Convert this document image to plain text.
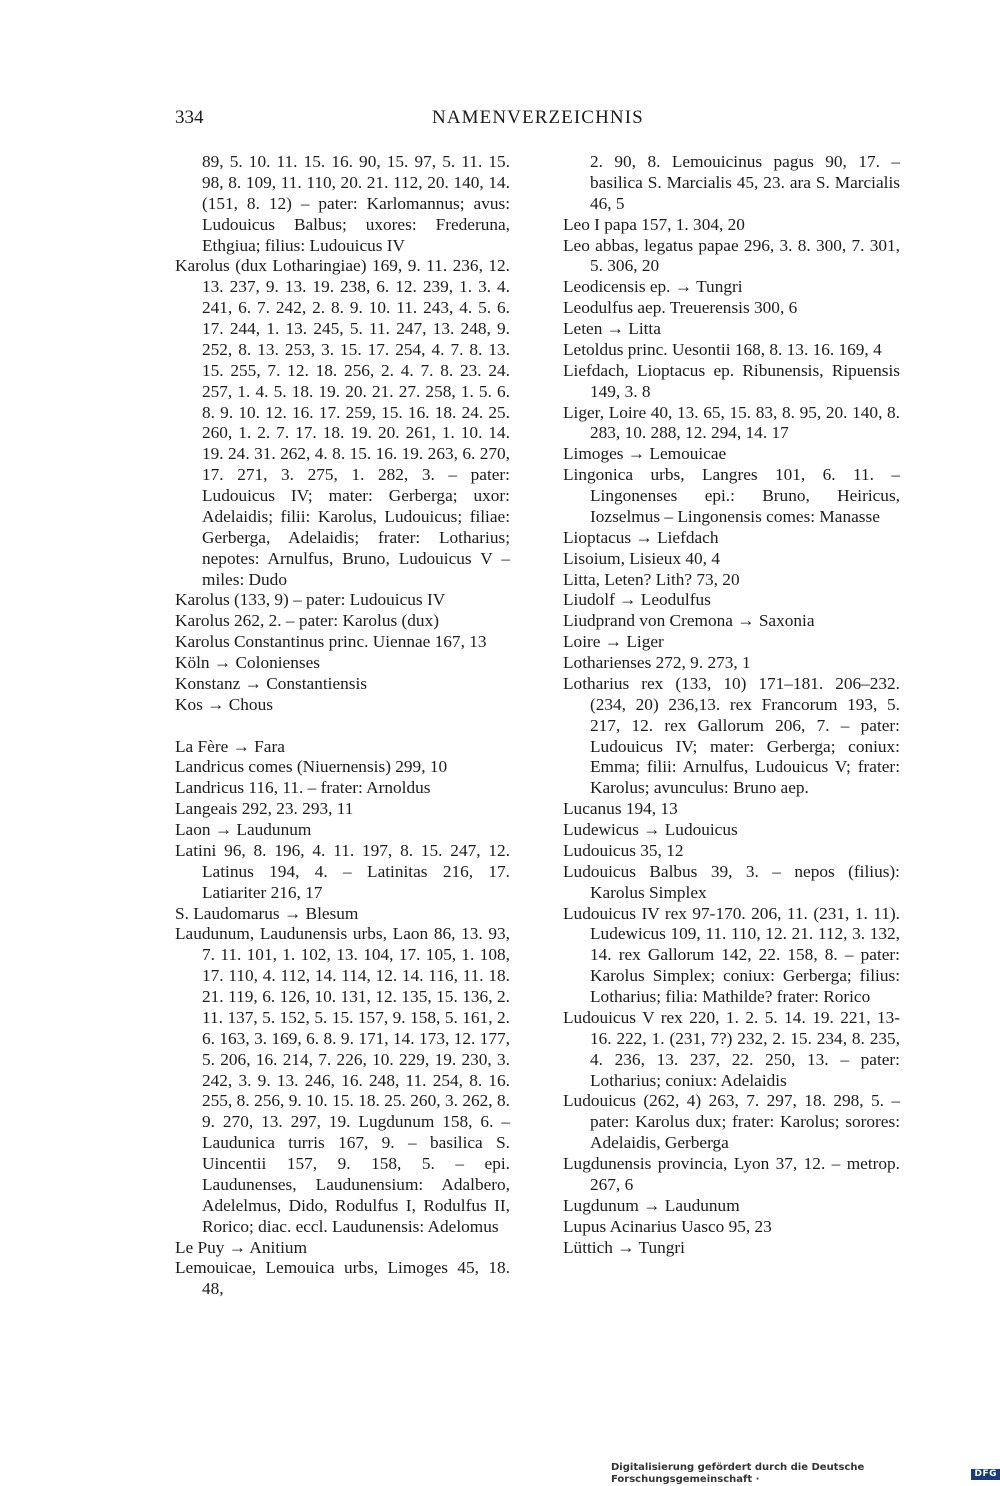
334	NAMENVERZEICHNIS
89, 5. 10. 11. 15. 16. 90, 15. 97, 5. 11. 15. 98, 8. 109, 11. 110, 20. 21. 112, 20. 140, 14. (151, 8. 12) – pater: Karlomannus; avus: Ludouicus Balbus; uxores: Frederuna, Ethgiua; filius: Ludouicus IV
Karolus (dux Lotharingiae) 169, 9. 11. 236, 12. 13. 237, 9. 13. 19. 238, 6. 12. 239, 1. 3. 4. 241, 6. 7. 242, 2. 8. 9. 10. 11. 243, 4. 5. 6. 17. 244, 1. 13. 245, 5. 11. 247, 13. 248, 9. 252, 8. 13. 253, 3. 15. 17. 254, 4. 7. 8. 13. 15. 255, 7. 12. 18. 256, 2. 4. 7. 8. 23. 24. 257, 1. 4. 5. 18. 19. 20. 21. 27. 258, 1. 5. 6. 8. 9. 10. 12. 16. 17. 259, 15. 16. 18. 24. 25. 260, 1. 2. 7. 17. 18. 19. 20. 261, 1. 10. 14. 19. 24. 31. 262, 4. 8. 15. 16. 19. 263, 6. 270, 17. 271, 3. 275, 1. 282, 3. – pater: Ludouicus IV; mater: Gerberga; uxor: Adelaidis; filii: Karolus, Ludouicus; filiae: Gerberga, Adelaidis; frater: Lotharius; nepotes: Arnulfus, Bruno, Ludouicus V – miles: Dudo
Karolus (133, 9) – pater: Ludouicus IV
Karolus 262, 2. – pater: Karolus (dux)
Karolus Constantinus princ. Uiennae 167, 13
Köln → Colonienses
Konstanz → Constantiensis
Kos → Chous
La Fère → Fara
Landricus comes (Niuernensis) 299, 10
Landricus 116, 11. – frater: Arnoldus
Langeais 292, 23. 293, 11
Laon → Laudunum
Latini 96, 8. 196, 4. 11. 197, 8. 15. 247, 12. Latinus 194, 4. – Latinitas 216, 17. Latiariter 216, 17
S. Laudomarus → Blesum
Laudunum, Laudunensis urbs, Laon 86, 13. 93, 7. 11. 101, 1. 102, 13. 104, 17. 105, 1. 108, 17. 110, 4. 112, 14. 114, 12. 14. 116, 11. 18. 21. 119, 6. 126, 10. 131, 12. 135, 15. 136, 2. 11. 137, 5. 152, 5. 15. 157, 9. 158, 5. 161, 2. 6. 163, 3. 169, 6. 8. 9. 171, 14. 173, 12. 177, 5. 206, 16. 214, 7. 226, 10. 229, 19. 230, 3. 242, 3. 9. 13. 246, 16. 248, 11. 254, 8. 16. 255, 8. 256, 9. 10. 15. 18. 25. 260, 3. 262, 8. 9. 270, 13. 297, 19. Lugdunum 158, 6. – Laudunica turris 167, 9. – basilica S. Uincentii 157, 9. 158, 5. – epi. Laudunenses, Laudunensium: Adalbero, Adelelmus, Dido, Rodulfus I, Rodulfus II, Rorico; diac. eccl. Laudunensis: Adelomus
Le Puy → Anitium
Lemouicae, Lemouica urbs, Limoges 45, 18. 48,
2. 90, 8. Lemouicinus pagus 90, 17. – basilica S. Marcialis 45, 23. ara S. Marcialis 46, 5
Leo I papa 157, 1. 304, 20
Leo abbas, legatus papae 296, 3. 8. 300, 7. 301, 5. 306, 20
Leodicensis ep. → Tungri
Leodulfus aep. Treuerensis 300, 6
Leten → Litta
Letoldus princ. Uesontii 168, 8. 13. 16. 169, 4
Liefdach, Lioptacus ep. Ribunensis, Ripuensis 149, 3. 8
Liger, Loire 40, 13. 65, 15. 83, 8. 95, 20. 140, 8. 283, 10. 288, 12. 294, 14. 17
Limoges → Lemouicae
Lingonica urbs, Langres 101, 6. 11. – Lingonenses epi.: Bruno, Heiricus, Iozselmus – Lingonensis comes: Manasse
Lioptacus → Liefdach
Lisoium, Lisieux 40, 4
Litta, Leten? Lith? 73, 20
Liudolf → Leodulfus
Liudprand von Cremona → Saxonia
Loire → Liger
Lotharienses 272, 9. 273, 1
Lotharius rex (133, 10) 171–181. 206–232. (234, 20) 236,13. rex Francorum 193, 5. 217, 12. rex Gallorum 206, 7. – pater: Ludouicus IV; mater: Gerberga; coniux: Emma; filii: Arnulfus, Ludouicus V; frater: Karolus; avunculus: Bruno aep.
Lucanus 194, 13
Ludewicus → Ludouicus
Ludouicus 35, 12
Ludouicus Balbus 39, 3. – nepos (filius): Karolus Simplex
Ludouicus IV rex 97-170. 206, 11. (231, 1. 11). Ludewicus 109, 11. 110, 12. 21. 112, 3. 132, 14. rex Gallorum 142, 22. 158, 8. – pater: Karolus Simplex; coniux: Gerberga; filius: Lotharius; filia: Mathilde? frater: Rorico
Ludouicus V rex 220, 1. 2. 5. 14. 19. 221, 13-16. 222, 1. (231, 7?) 232, 2. 15. 234, 8. 235, 4. 236, 13. 237, 22. 250, 13. – pater: Lotharius; coniux: Adelaidis
Ludouicus (262, 4) 263, 7. 297, 18. 298, 5. – pater: Karolus dux; frater: Karolus; sorores: Adelaidis, Gerberga
Lugdunensis provincia, Lyon 37, 12. – metrop. 267, 6
Lugdunum → Laudunum
Lupus Acinarius Uasco 95, 23
Lüttich → Tungri
Digitalisierung gefördert durch die Deutsche Forschungsgemeinschaft ·
DFG
